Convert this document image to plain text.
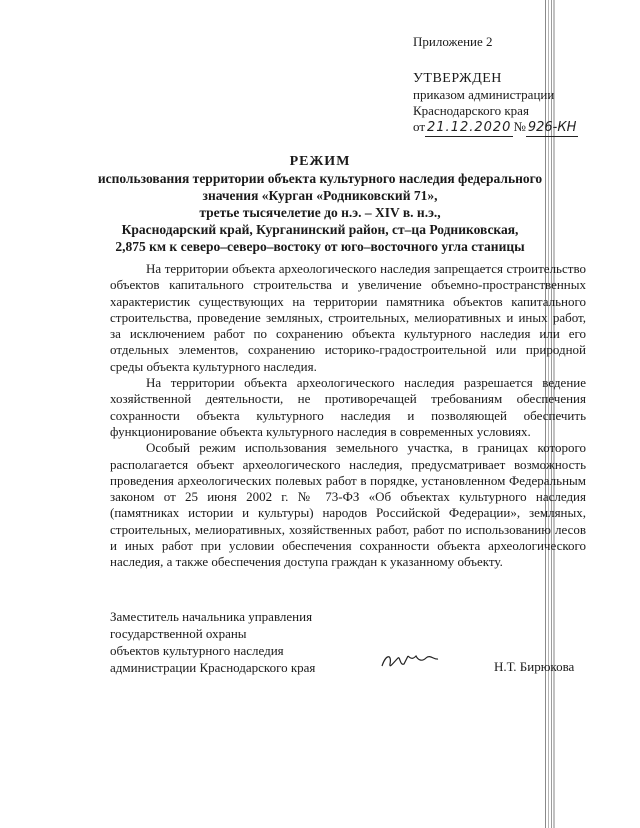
Приложение 2
УТВЕРЖДЕН
приказом администрации
Краснодарского края
от 21.12.2020 № 926-КН
РЕЖИМ
использования территории объекта культурного наследия федерального
значения «Курган «Родниковский 71»,
третье тысячелетие до н.э. – XIV в. н.э.,
Краснодарский край, Курганинский район, ст–ца Родниковская,
2,875 км к северо–северо–востоку от юго–восточного угла станицы

На территории объекта археологического наследия запрещается строительство объектов капитального строительства и увеличение объемно-пространственных характеристик существующих на территории памятника объектов капитального строительства, проведение земляных, строительных, мелиоративных и иных работ, за исключением работ по сохранению объекта культурного наследия или его отдельных элементов, сохранению историко-градостроительной или природной среды объекта культурного наследия.

На территории объекта археологического наследия разрешается ведение хозяйственной деятельности, не противоречащей требованиям обеспечения сохранности объекта культурного наследия и позволяющей обеспечить функционирование объекта культурного наследия в современных условиях.

Особый режим использования земельного участка, в границах которого располагается объект археологического наследия, предусматривает возможность проведения археологических полевых работ в порядке, установленном Федеральным законом от 25 июня 2002 г. № 73-ФЗ «Об объектах культурного наследия (памятниках истории и культуры) народов Российской Федерации», земляных, строительных, мелиоративных, хозяйственных работ, работ по использованию лесов и иных работ при условии обеспечения сохранности объекта археологического наследия, а также обеспечения доступа граждан к указанному объекту.

Заместитель начальника управления
государственной охраны
объектов культурного наследия
администрации Краснодарского края	Н.Т. Бирюкова
